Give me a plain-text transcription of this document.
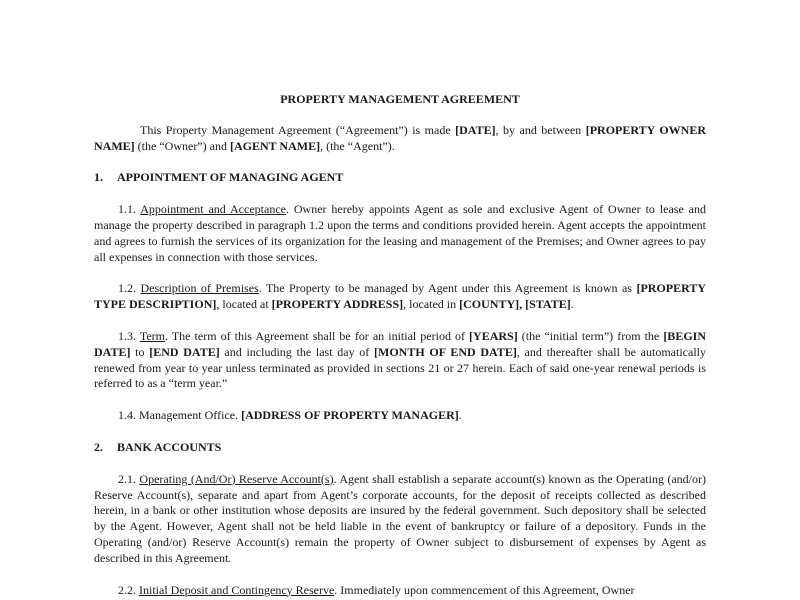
PROPERTY MANAGEMENT AGREEMENT

This Property Management Agreement (“Agreement”) is made [DATE], by and between [PROPERTY OWNER NAME] (the “Owner”) and [AGENT NAME], (the “Agent”).

1. APPOINTMENT OF MANAGING AGENT

1.1. Appointment and Acceptance. Owner hereby appoints Agent as sole and exclusive Agent of Owner to lease and manage the property described in paragraph 1.2 upon the terms and conditions provided herein. Agent accepts the appointment and agrees to furnish the services of its organization for the leasing and management of the Premises; and Owner agrees to pay all expenses in connection with those services.

1.2. Description of Premises. The Property to be managed by Agent under this Agreement is known as [PROPERTY TYPE DESCRIPTION], located at [PROPERTY ADDRESS], located in [COUNTY], [STATE].

1.3. Term. The term of this Agreement shall be for an initial period of [YEARS] (the “initial term”) from the [BEGIN DATE] to [END DATE] and including the last day of [MONTH OF END DATE], and thereafter shall be automatically renewed from year to year unless terminated as provided in sections 21 or 27 herein. Each of said one-year renewal periods is referred to as a “term year.”

1.4. Management Office. [ADDRESS OF PROPERTY MANAGER].

2. BANK ACCOUNTS

2.1. Operating (And/Or) Reserve Account(s). Agent shall establish a separate account(s) known as the Operating (and/or) Reserve Account(s), separate and apart from Agent’s corporate accounts, for the deposit of receipts collected as described herein, in a bank or other institution whose deposits are insured by the federal government. Such depository shall be selected by the Agent. However, Agent shall not be held liable in the event of bankruptcy or failure of a depository. Funds in the Operating (and/or) Reserve Account(s) remain the property of Owner subject to disbursement of expenses by Agent as described in this Agreement.

2.2. Initial Deposit and Contingency Reserve. Immediately upon commencement of this Agreement, Owner
